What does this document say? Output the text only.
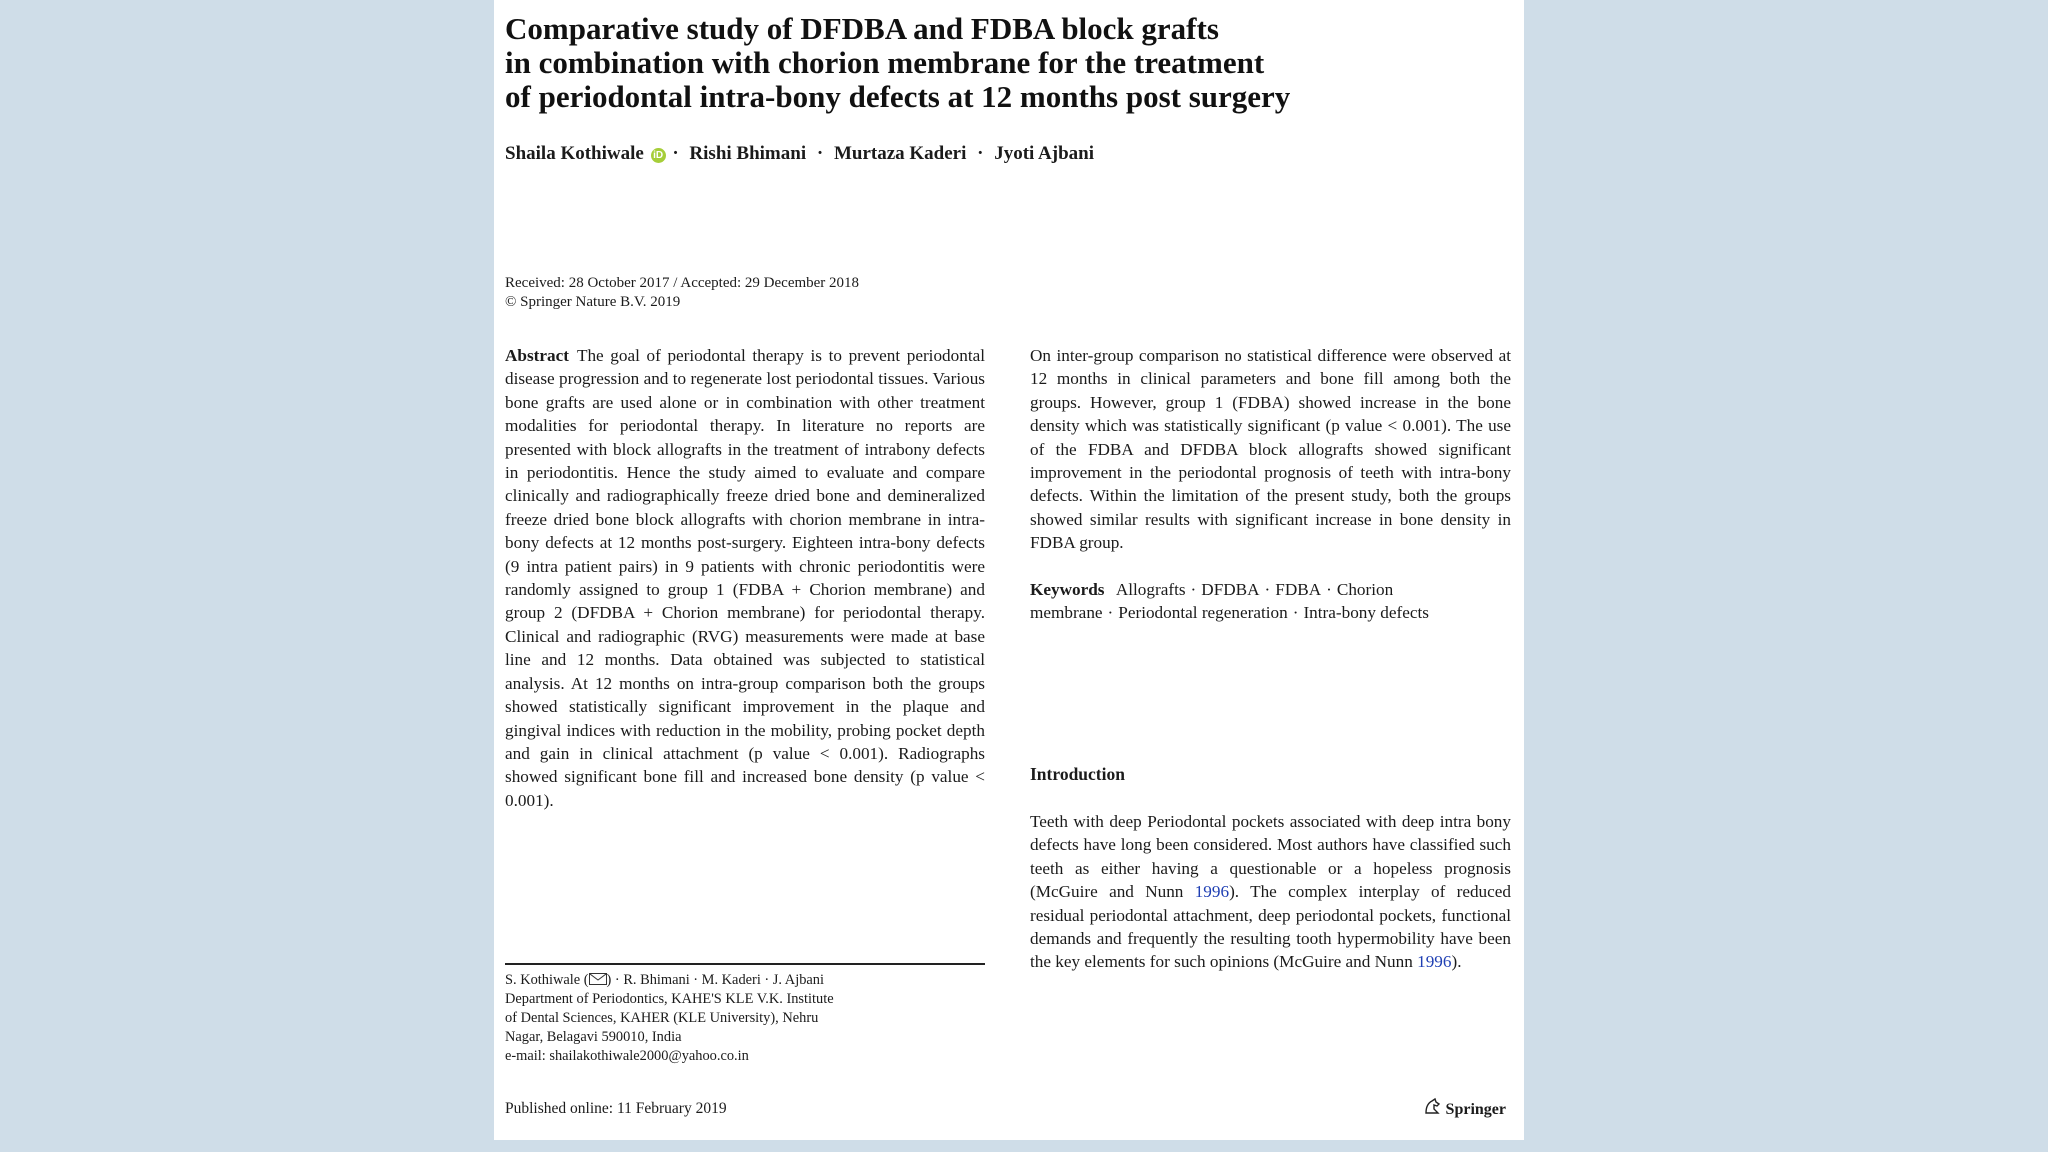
Comparative study of DFDBA and FDBA block grafts
in combination with chorion membrane for the treatment
of periodontal intra-bony defects at 12 months post surgery
Shaila Kothiwale iD · Rishi Bhimani · Murtaza Kaderi · Jyoti Ajbani
Received: 28 October 2017 / Accepted: 29 December 2018
© Springer Nature B.V. 2019
Abstract The goal of periodontal therapy is to prevent periodontal disease progression and to regenerate lost periodontal tissues. Various bone grafts are used alone or in combination with other treatment modalities for periodontal therapy. In literature no reports are presented with block allografts in the treatment of intrabony defects in periodontitis. Hence the study aimed to evaluate and compare clinically and radiographically freeze dried bone and demineralized freeze dried bone block allografts with chorion membrane in intra-bony defects at 12 months post-surgery. Eighteen intra-bony defects (9 intra patient pairs) in 9 patients with chronic periodontitis were randomly assigned to group 1 (FDBA + Chorion membrane) and group 2 (DFDBA + Chorion membrane) for periodontal therapy. Clinical and radiographic (RVG) measurements were made at base line and 12 months. Data obtained was subjected to statistical analysis. At 12 months on intra-group comparison both the groups showed statistically significant improvement in the plaque and gingival indices with reduction in the mobility, probing pocket depth and gain in clinical attachment (p value < 0.001). Radiographs showed significant bone fill and increased bone density (p value < 0.001).
On inter-group comparison no statistical difference were observed at 12 months in clinical parameters and bone fill among both the groups. However, group 1 (FDBA) showed increase in the bone density which was statistically significant (p value < 0.001). The use of the FDBA and DFDBA block allografts showed significant improvement in the periodontal prognosis of teeth with intra-bony defects. Within the limitation of the present study, both the groups showed similar results with significant increase in bone density in FDBA group.
Keywords Allografts · DFDBA · FDBA · Chorion membrane · Periodontal regeneration · Intra-bony defects
Introduction
Teeth with deep Periodontal pockets associated with deep intra bony defects have long been considered. Most authors have classified such teeth as either having a questionable or a hopeless prognosis (McGuire and Nunn 1996). The complex interplay of reduced residual periodontal attachment, deep periodontal pockets, functional demands and frequently the resulting tooth hypermobility have been the key elements for such opinions (McGuire and Nunn 1996).
S. Kothiwale ( ) · R. Bhimani · M. Kaderi · J. Ajbani
Department of Periodontics, KAHE'S KLE V.K. Institute
of Dental Sciences, KAHER (KLE University), Nehru
Nagar, Belagavi 590010, India
e-mail: shailakothiwale2000@yahoo.co.in
Published online: 11 February 2019	Springer
